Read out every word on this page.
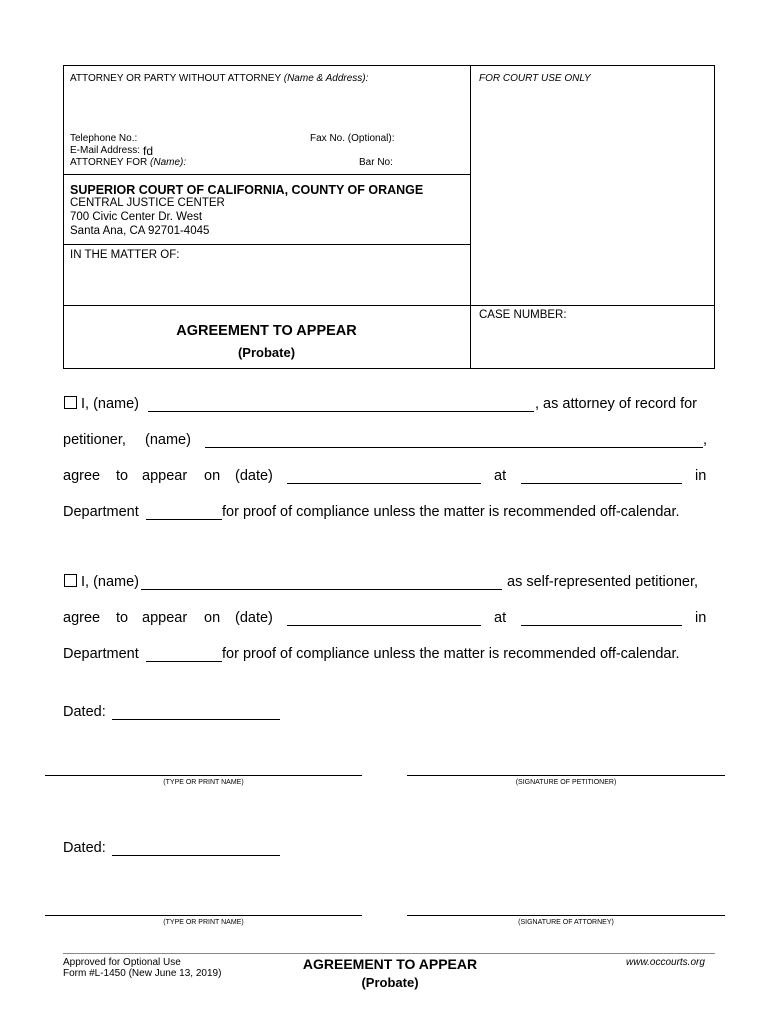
ATTORNEY OR PARTY WITHOUT ATTORNEY (Name & Address):	FOR COURT USE ONLY
Telephone No.:	Fax No. (Optional):
E-Mail Address: fd
ATTORNEY FOR (Name):	Bar No:
SUPERIOR COURT OF CALIFORNIA, COUNTY OF ORANGE
CENTRAL JUSTICE CENTER
700 Civic Center Dr. West
Santa Ana, CA 92701-4045
IN THE MATTER OF:
AGREEMENT TO APPEAR
(Probate)
CASE NUMBER:
I, (name)	, as attorney of record for
petitioner, (name)	,
agree to appear on (date)	at	in
Department	for proof of compliance unless the matter is recommended off-calendar.
I, (name)	as self-represented petitioner,
agree to appear on (date)	at	in
Department	for proof of compliance unless the matter is recommended off-calendar.
Dated:
(TYPE OR PRINT NAME)	(SIGNATURE OF PETITIONER)
Dated:
(TYPE OR PRINT NAME)	(SIGNATURE OF ATTORNEY)
Approved for Optional Use
Form #L-1450 (New June 13, 2019)
AGREEMENT TO APPEAR
(Probate)
www.occourts.org
